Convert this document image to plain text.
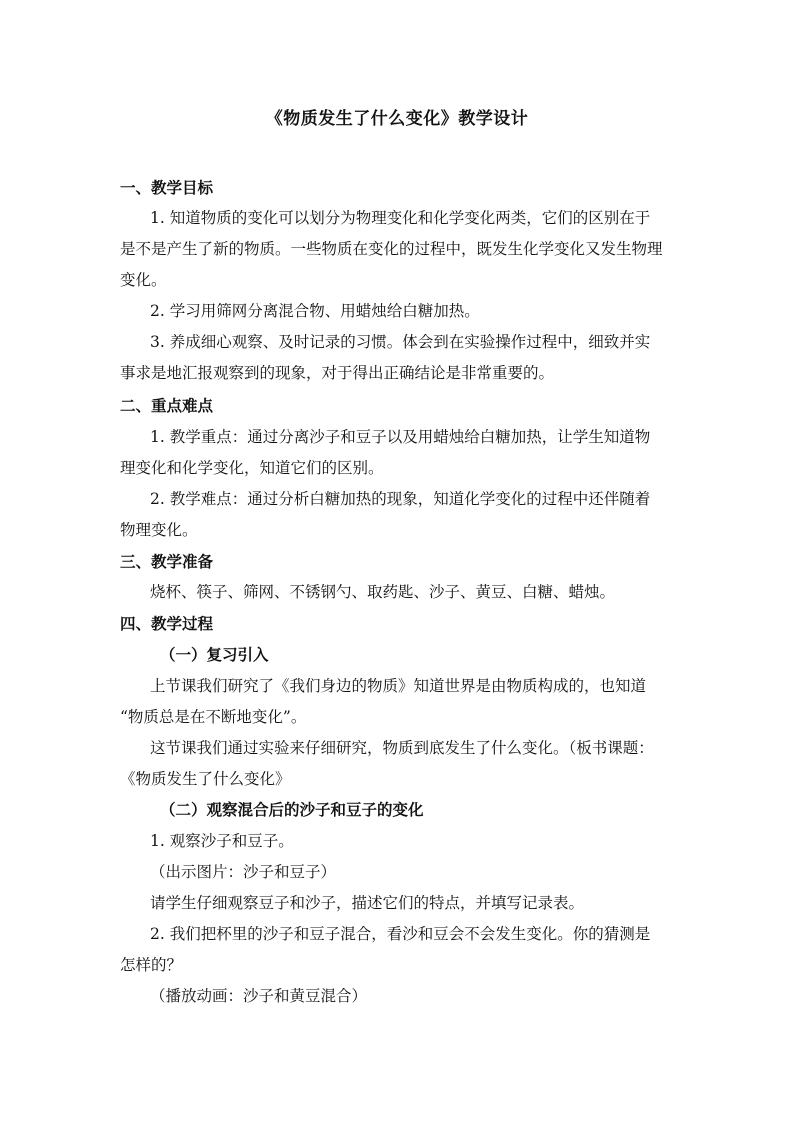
《物质发生了什么变化》教学设计
一、教学目标
1. 知道物质的变化可以划分为物理变化和化学变化两类，它们的区别在于
是不是产生了新的物质。一些物质在变化的过程中，既发生化学变化又发生物理
变化。
2. 学习用筛网分离混合物、用蜡烛给白糖加热。
3. 养成细心观察、及时记录的习惯。体会到在实验操作过程中，细致并实
事求是地汇报观察到的现象，对于得出正确结论是非常重要的。
二、重点难点
1. 教学重点：通过分离沙子和豆子以及用蜡烛给白糖加热，让学生知道物
理变化和化学变化，知道它们的区别。
2. 教学难点：通过分析白糖加热的现象，知道化学变化的过程中还伴随着
物理变化。
三、教学准备
烧杯、筷子、筛网、不锈钢勺、取药匙、沙子、黄豆、白糖、蜡烛。
四、教学过程
（一）复习引入
上节课我们研究了《我们身边的物质》知道世界是由物质构成的，也知道
“物质总是在不断地变化”。
这节课我们通过实验来仔细研究，物质到底发生了什么变化。（板书课题：
《物质发生了什么变化》
（二）观察混合后的沙子和豆子的变化
1. 观察沙子和豆子。
（出示图片：沙子和豆子）
请学生仔细观察豆子和沙子，描述它们的特点，并填写记录表。
2. 我们把杯里的沙子和豆子混合，看沙和豆会不会发生变化。你的猜测是
怎样的？
（播放动画：沙子和黄豆混合）
